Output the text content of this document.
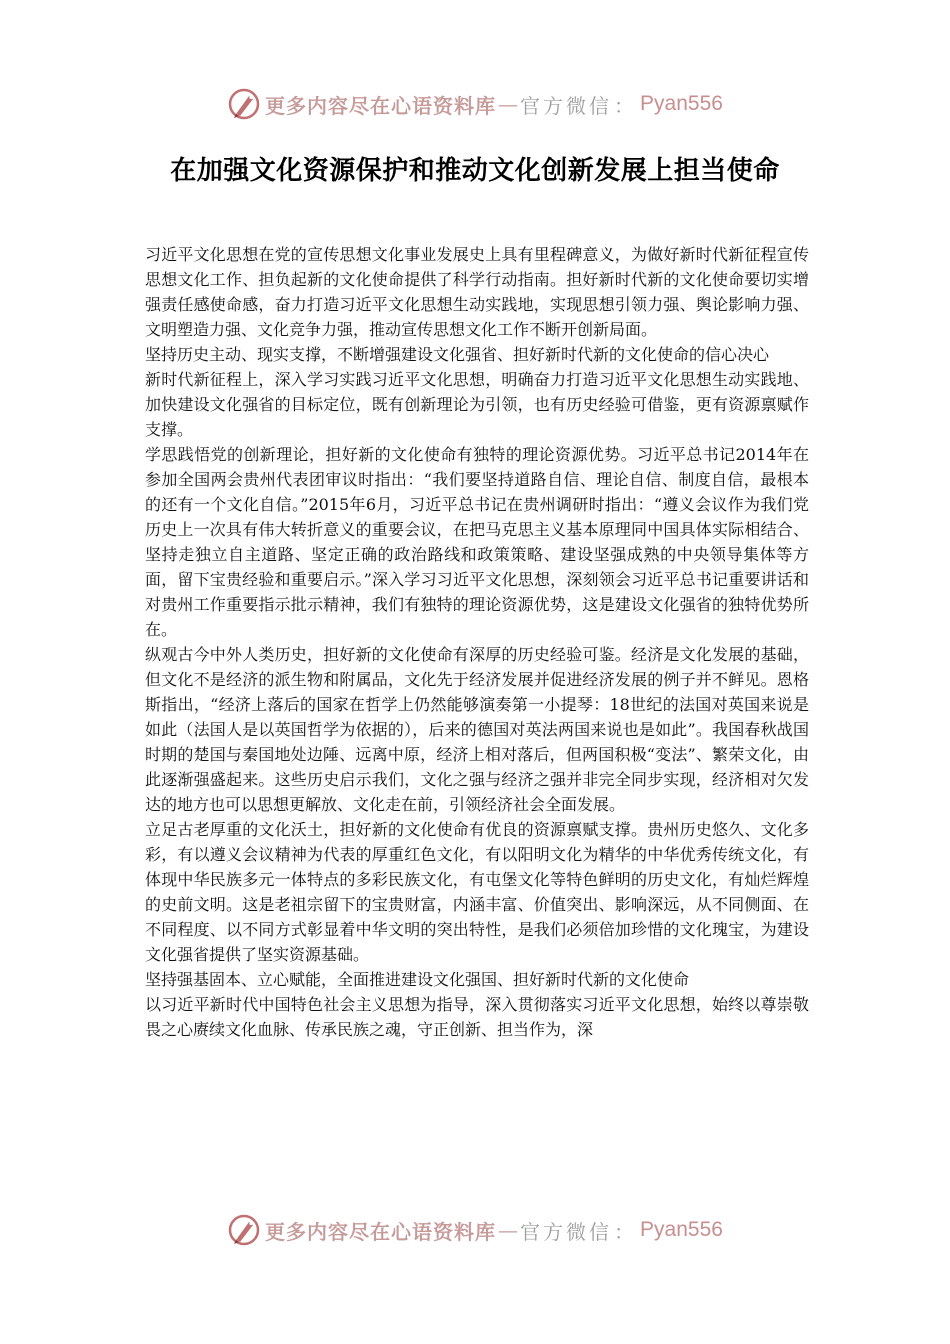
更多内容尽在心语资料库 — 官方微信 ： Pyan556
在加强文化资源保护和推动文化创新发展上担当使命

习近平文化思想在党的宣传思想文化事业发展史上具有里程碑意义，为做好新时代新征程宣传思想文化工作、担负起新的文化使命提供了科学行动指南。担好新时代新的文化使命要切实增强责任感使命感，奋力打造习近平文化思想生动实践地，实现思想引领力强、舆论影响力强、文明塑造力强、文化竞争力强，推动宣传思想文化工作不断开创新局面。

坚持历史主动、现实支撑，不断增强建设文化强省、担好新时代新的文化使命的信心决心

新时代新征程上，深入学习实践习近平文化思想，明确奋力打造习近平文化思想生动实践地、加快建设文化强省的目标定位，既有创新理论为引领，也有历史经验可借鉴，更有资源禀赋作支撑。

学思践悟党的创新理论，担好新的文化使命有独特的理论资源优势。习近平总书记2014年在参加全国两会贵州代表团审议时指出：“我们要坚持道路自信、理论自信、制度自信，最根本的还有一个文化自信。”2015年6月，习近平总书记在贵州调研时指出：“遵义会议作为我们党历史上一次具有伟大转折意义的重要会议，在把马克思主义基本原理同中国具体实际相结合、坚持走独立自主道路、坚定正确的政治路线和政策策略、建设坚强成熟的中央领导集体等方面，留下宝贵经验和重要启示。”深入学习习近平文化思想，深刻领会习近平总书记重要讲话和对贵州工作重要指示批示精神，我们有独特的理论资源优势，这是建设文化强省的独特优势所在。

纵观古今中外人类历史，担好新的文化使命有深厚的历史经验可鉴。经济是文化发展的基础，但文化不是经济的派生物和附属品，文化先于经济发展并促进经济发展的例子并不鲜见。恩格斯指出，“经济上落后的国家在哲学上仍然能够演奏第一小提琴：18世纪的法国对英国来说是如此（法国人是以英国哲学为依据的），后来的德国对英法两国来说也是如此”。我国春秋战国时期的楚国与秦国地处边陲、远离中原，经济上相对落后，但两国积极“变法”、繁荣文化，由此逐渐强盛起来。这些历史启示我们，文化之强与经济之强并非完全同步实现，经济相对欠发达的地方也可以思想更解放、文化走在前，引领经济社会全面发展。

立足古老厚重的文化沃土，担好新的文化使命有优良的资源禀赋支撑。贵州历史悠久、文化多彩，有以遵义会议精神为代表的厚重红色文化，有以阳明文化为精华的中华优秀传统文化，有体现中华民族多元一体特点的多彩民族文化，有屯堡文化等特色鲜明的历史文化，有灿烂辉煌的史前文明。这是老祖宗留下的宝贵财富，内涵丰富、价值突出、影响深远，从不同侧面、在不同程度、以不同方式彰显着中华文明的突出特性，是我们必须倍加珍惜的文化瑰宝，为建设文化强省提供了坚实资源基础。

坚持强基固本、立心赋能，全面推进建设文化强国、担好新时代新的文化使命

以习近平新时代中国特色社会主义思想为指导，深入贯彻落实习近平文化思想，始终以尊崇敬畏之心赓续文化血脉、传承民族之魂，守正创新、担当作为，深

更多内容尽在心语资料库 — 官方微信 ： Pyan556
